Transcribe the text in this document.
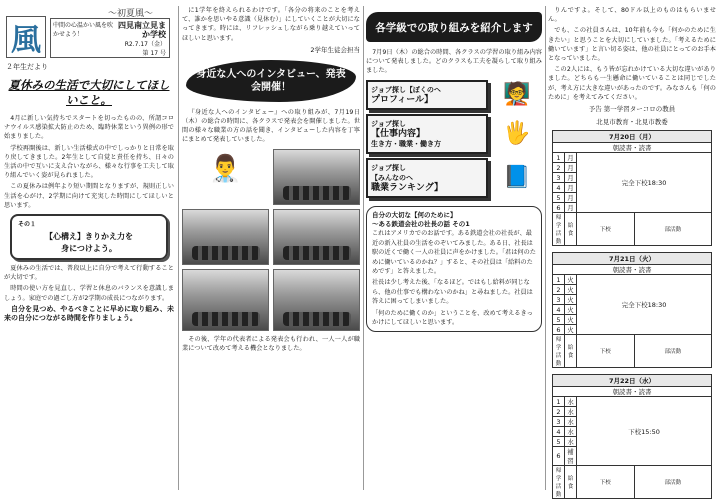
～初夏風～
風 中間の心温かい風を吹かせよう！
四見南立見まか学校
R2.7.17（金）
第 17 号
２年生だより
夏休みの生活で大切にしてほしいこと。

4月に新しい気持ちでスタートを切ったものの、所謂コロナウイルス感染拡大防止のため、臨時休業という異例の形で始まりました。

学校再開後は、新しい生活様式の中でしっかりと日常を取り戻してきました。2年生として自覚と責任を持ち、日々の生活の中で互いに支え合いながら、様々な行事を工夫して取り組んでいく姿が見られました。

この夏休みは例年より短い期間となりますが、規則正しい生活を心がけ、2学期に向けて充実した時間にしてほしいと思います。

その１
【心構え】きりかえ力を
身につけよう。

夏休みの生活では、普段以上に自分で考えて行動することが大切です。

時間の使い方を見直し、学習と休息のバランスを意識しましょう。家庭での過ごし方が2学期の成長につながります。

自分を見つめ、やるべきことに早めに取り組み、未来の自分につながる時間を作りましょう。

に1学年を終えられるわけです。「各分の将来のことを考えて、誰かを思いやる意識（見休む）」にしていくことが大切になってきます。時には、リフレッシュしながら乗り越えていってほしいと思います。

2学年生徒会担当
身近な人へのインタビュー、発表会開催！

『身近な人へのインタビュー』への取り組みが、7月19日（木）の総合の時間に、各クラスで発表会を開催しました。世間の様々な職業の方の話を聞き、インタビューした内容を丁寧にまとめて発表していました。

👨‍⚕️

その後、学年の代表者による発表会も行われ、一人一人が職業について改めて考える機会となりました。

各学級での取り組みを紹介します

7月9日（木）の総合の時間、各クラスの学習の取り組み内容について発表しました。どのクラスも工夫を凝らして取り組みました。

ジョブ探し【ぼくのへ
プロフィール】	🧑‍🏫
ジョブ探し
【仕事内容】
生き方・職業・働き方	🖐
ジョブ探し
【みんなのへ
職業ランキング】	📘
自分の大切な【何のために】
～ある鉄道会社の社長の話 その1
これはアメリカでのお話です。ある鉄道会社の社長が、最近の新入社員の生活をのぞいてみました。ある日、社長は駅の近くで働く一人の社員に声をかけました。「君は何のために働いているのかね？」すると、その社員は「給料のためです」と答えました。
社長は少し考えた後、「なるほど。ではもし給料が同じなら、他の仕事でも構わないのかね」と尋ねました。社員は答えに困ってしまいました。
「何のために働くのか」ということを、改めて考えるきっかけにしてほしいと思います。

りんですよ。そして、80ドル以上のものはもらいません。

でも、この社員さんは、10年前も今も「何かのために生きたい」と思うことを大切にしていました。「考えるために働いています」と言い切る姿は、他の社員にとってのお手本となっていました。

この2人には、もう皆が忘れかけている大切な違いがありました。どちらも一生懸命に働いていることは同じでしたが、考え方に大きな違いがあったのです。みなさんも「何のために」を考えてみてください。

予告 第一学習ターコロの教員
北見市教育・北見市教委
7月20日（月）			
朝読書・読書			
1	月	完全下校18:30	
2	月		
3	月		
4	月		
5	月		
6	月		
帰学活動	給食	下校	部活動
7月21日（火）			
朝読書・読書			
1	火	完全下校18:30	
2	火		
3	火		
4	火		
5	火		
6	火		
帰学活動	給食	下校	部活動
7月22日（水）			
朝読書・読書			
1	水	下校15:50	
2	水		
3	水		
4	水		
5	水		
6	補習		
帰学活動	給食	下校	部活動
